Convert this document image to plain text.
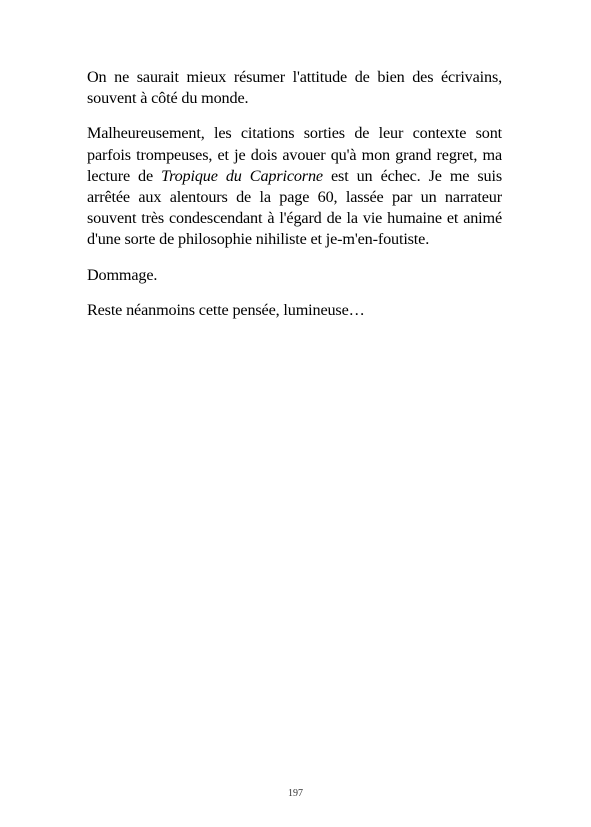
On ne saurait mieux résumer l'attitude de bien des écrivains, souvent à côté du monde.

Malheureusement, les citations sorties de leur contexte sont parfois trompeuses, et je dois avouer qu'à mon grand regret, ma lecture de Tropique du Capricorne est un échec. Je me suis arrêtée aux alentours de la page 60, lassée par un narrateur souvent très condescendant à l'égard de la vie humaine et animé d'une sorte de philosophie nihiliste et je-m'en-foutiste.

Dommage.

Reste néanmoins cette pensée, lumineuse…

197
